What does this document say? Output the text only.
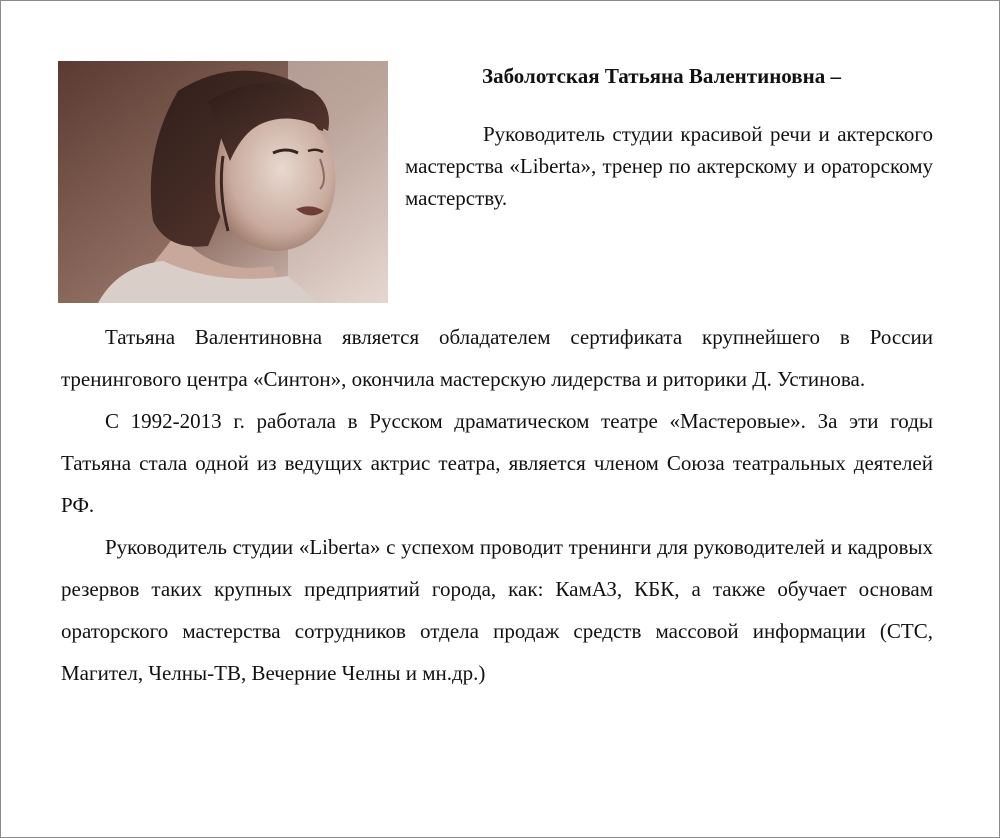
Заболотская Татьяна Валентиновна –
Руководитель студии красивой речи и актерского мастерства «Liberta», тренер по актерскому и ораторскому мастерству.

Татьяна Валентиновна является обладателем сертификата крупнейшего в России тренингового центра «Синтон», окончила мастерскую лидерства и риторики Д. Устинова.

С 1992-2013 г. работала в Русском драматическом театре «Мастеровые». За эти годы Татьяна стала одной из ведущих актрис театра, является членом Союза театральных деятелей РФ.

Руководитель студии «Liberta» с успехом проводит тренинги для руководителей и кадровых резервов таких крупных предприятий города, как: КамАЗ, КБК, а также обучает основам ораторского мастерства сотрудников отдела продаж средств массовой информации (СТС, Магител, Челны-ТВ, Вечерние Челны и мн.др.)
